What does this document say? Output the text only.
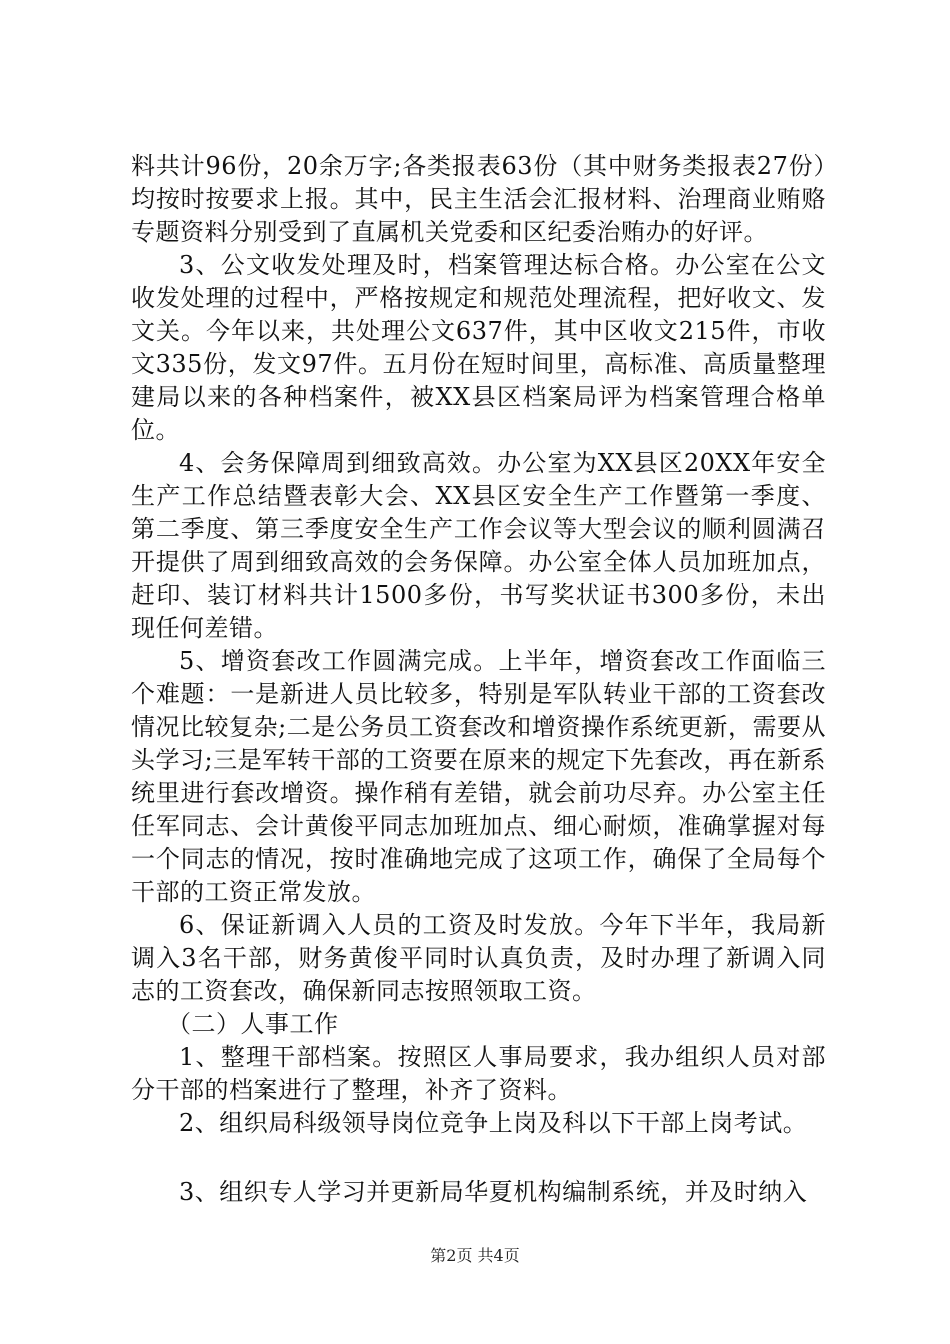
料共计96份，20余万字;各类报表63份（其中财务类报表27份）均按时按要求上报。其中，民主生活会汇报材料、治理商业贿赂专题资料分别受到了直属机关党委和区纪委治贿办的好评。

3、公文收发处理及时，档案管理达标合格。办公室在公文收发处理的过程中，严格按规定和规范处理流程，把好收文、发文关。今年以来，共处理公文637件，其中区收文215件，市收文335份，发文97件。五月份在短时间里，高标准、高质量整理建局以来的各种档案件，被XX县区档案局评为档案管理合格单位。

4、会务保障周到细致高效。办公室为XX县区20XX年安全生产工作总结暨表彰大会、XX县区安全生产工作暨第一季度、第二季度、第三季度安全生产工作会议等大型会议的顺利圆满召开提供了周到细致高效的会务保障。办公室全体人员加班加点，赶印、装订材料共计1500多份，书写奖状证书300多份，未出现任何差错。

5、增资套改工作圆满完成。上半年，增资套改工作面临三个难题：一是新进人员比较多，特别是军队转业干部的工资套改情况比较复杂;二是公务员工资套改和增资操作系统更新，需要从头学习;三是军转干部的工资要在原来的规定下先套改，再在新系统里进行套改增资。操作稍有差错，就会前功尽弃。办公室主任任军同志、会计黄俊平同志加班加点、细心耐烦，准确掌握对每一个同志的情况，按时准确地完成了这项工作，确保了全局每个干部的工资正常发放。

6、保证新调入人员的工资及时发放。今年下半年，我局新调入3名干部，财务黄俊平同时认真负责，及时办理了新调入同志的工资套改，确保新同志按照领取工资。

（二）人事工作

1、整理干部档案。按照区人事局要求，我办组织人员对部分干部的档案进行了整理，补齐了资料。

2、组织局科级领导岗位竞争上岗及科以下干部上岗考试。

3、组织专人学习并更新局华夏机构编制系统，并及时纳入

第2页 共4页
